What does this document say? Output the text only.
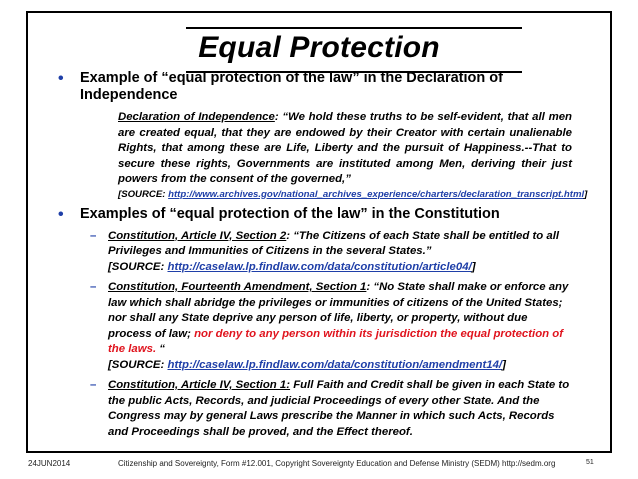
Equal Protection
• Example of “equal protection of the law” in the Declaration of Independence
Declaration of Independence: “We hold these truths to be self-evident, that all men are created equal, that they are endowed by their Creator with certain unalienable Rights, that among these are Life, Liberty and the pursuit of Happiness.--That to secure these rights, Governments are instituted among Men, deriving their just powers from the consent of the governed,”
[SOURCE: http://www.archives.gov/national_archives_experience/charters/declaration_transcript.html]
• Examples of “equal protection of the law” in the Constitution
– Constitution, Article IV, Section 2: “The Citizens of each State shall be entitled to all Privileges and Immunities of Citizens in the several States.”
[SOURCE: http://caselaw.lp.findlaw.com/data/constitution/article04/]
– Constitution, Fourteenth Amendment, Section 1: “No State shall make or enforce any law which shall abridge the privileges or immunities of citizens of the United States; nor shall any State deprive any person of life, liberty, or property, without due process of law; nor deny to any person within its jurisdiction the equal protection of the laws. “
[SOURCE: http://caselaw.lp.findlaw.com/data/constitution/amendment14/]
– Constitution, Article IV, Section 1: Full Faith and Credit shall be given in each State to the public Acts, Records, and judicial Proceedings of every other State. And the Congress may by general Laws prescribe the Manner in which such Acts, Records and Proceedings shall be proved, and the Effect thereof.
24JUN2014	Citizenship and Sovereignty, Form #12.001, Copyright Sovereignty Education and Defense Ministry (SEDM) http://sedm.org	51
